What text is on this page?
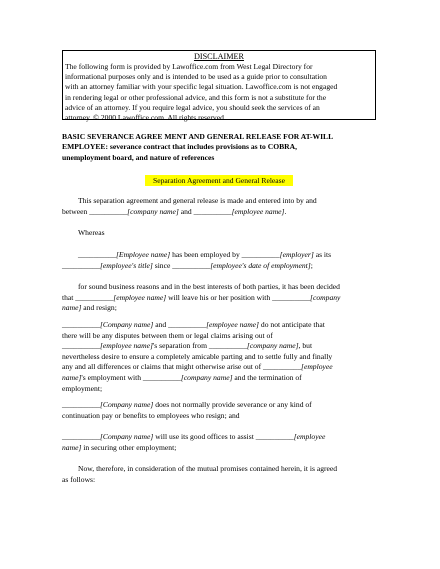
DISCLAIMER
The following form is provided by Lawoffice.com from West Legal Directory for
informational purposes only and is intended to be used as a guide prior to consultation
with an attorney familiar with your specific legal situation. Lawoffice.com is not engaged
in rendering legal or other professional advice, and this form is not a substitute for the
advice of an attorney. If you require legal advice, you should seek the services of an
attorney. © 2000 Lawoffice.com. All rights reserved.
BASIC SEVERANCE AGREE MENT AND GENERAL RELEASE FOR AT-WILL
EMPLOYEE: severance contract that includes provisions as to COBRA,
unemployment board, and nature of references
Separation Agreement and General Release
This separation agreement and general release is made and entered into by and
between __________[company name] and __________[employee name].
Whereas
__________[Employee name] has been employed by __________[employer] as its
__________[employee's title] since __________[employee's date of employment];
for sound business reasons and in the best interests of both parties, it has been decided
that __________[employee name] will leave his or her position with __________[company
name] and resign;
__________[Company name] and __________[employee name] do not anticipate that
there will be any disputes between them or legal claims arising out of
__________[employee name]'s separation from __________[company name], but
nevertheless desire to ensure a completely amicable parting and to settle fully and finally
any and all differences or claims that might otherwise arise out of __________[employee
name]'s employment with __________[company name] and the termination of
employment;
__________[Company name] does not normally provide severance or any kind of
continuation pay or benefits to employees who resign; and
__________[Company name] will use its good offices to assist __________[employee
name] in securing other employment;
Now, therefore, in consideration of the mutual promises contained herein, it is agreed
as follows:
